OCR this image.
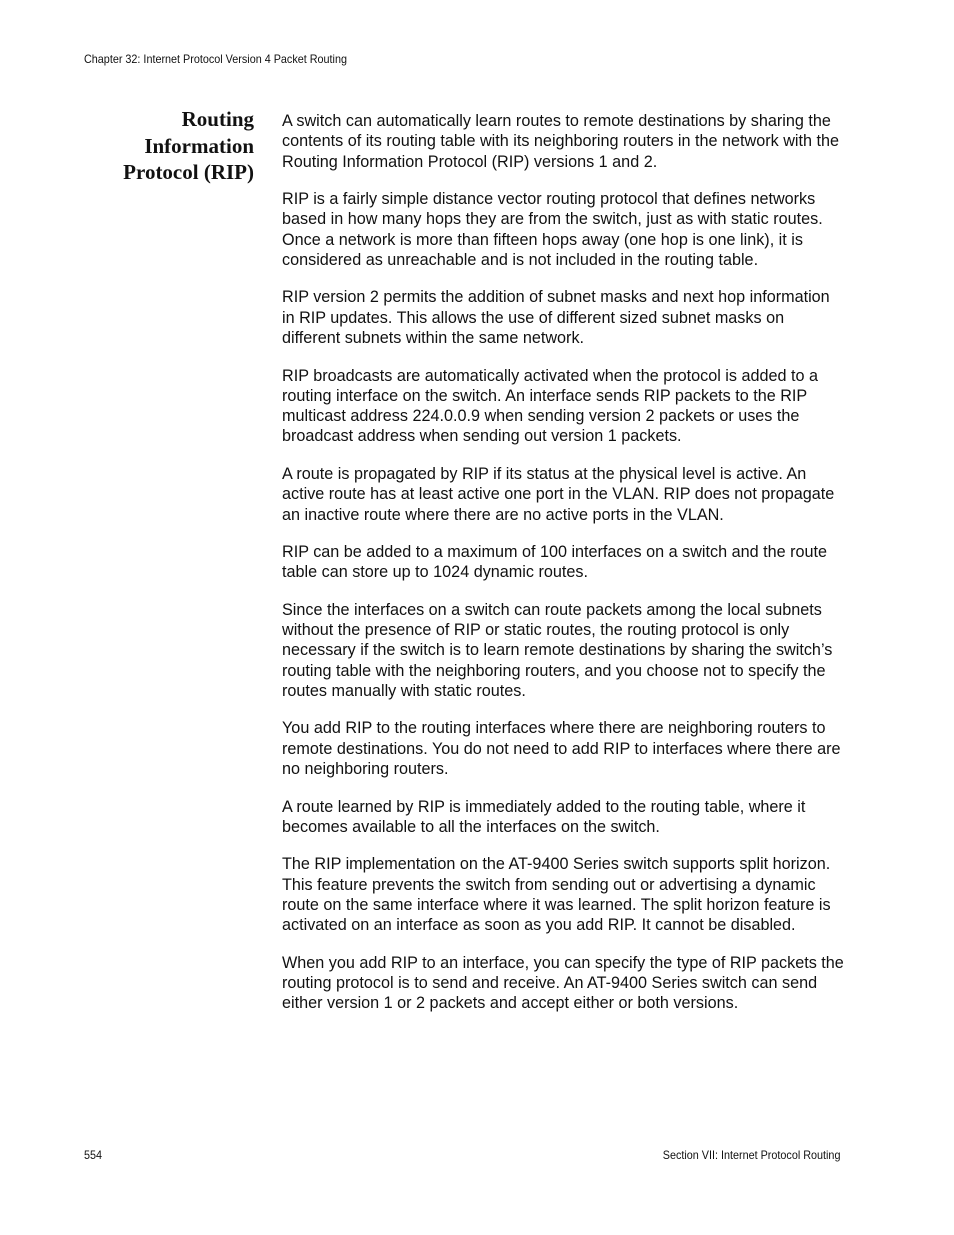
Chapter 32: Internet Protocol Version 4 Packet Routing
Routing
Information
Protocol (RIP)

A switch can automatically learn routes to remote destinations by sharing the contents of its routing table with its neighboring routers in the network with the Routing Information Protocol (RIP) versions 1 and 2.

RIP is a fairly simple distance vector routing protocol that defines networks based in how many hops they are from the switch, just as with static routes. Once a network is more than fifteen hops away (one hop is one link), it is considered as unreachable and is not included in the routing table.

RIP version 2 permits the addition of subnet masks and next hop information in RIP updates. This allows the use of different sized subnet masks on different subnets within the same network.

RIP broadcasts are automatically activated when the protocol is added to a routing interface on the switch. An interface sends RIP packets to the RIP multicast address 224.0.0.9 when sending version 2 packets or uses the broadcast address when sending out version 1 packets.

A route is propagated by RIP if its status at the physical level is active. An active route has at least active one port in the VLAN. RIP does not propagate an inactive route where there are no active ports in the VLAN.

RIP can be added to a maximum of 100 interfaces on a switch and the route table can store up to 1024 dynamic routes.

Since the interfaces on a switch can route packets among the local subnets without the presence of RIP or static routes, the routing protocol is only necessary if the switch is to learn remote destinations by sharing the switch’s routing table with the neighboring routers, and you choose not to specify the routes manually with static routes.

You add RIP to the routing interfaces where there are neighboring routers to remote destinations. You do not need to add RIP to interfaces where there are no neighboring routers.

A route learned by RIP is immediately added to the routing table, where it becomes available to all the interfaces on the switch.

The RIP implementation on the AT-9400 Series switch supports split horizon. This feature prevents the switch from sending out or advertising a dynamic route on the same interface where it was learned. The split horizon feature is activated on an interface as soon as you add RIP. It cannot be disabled.

When you add RIP to an interface, you can specify the type of RIP packets the routing protocol is to send and receive. An AT-9400 Series switch can send either version 1 or 2 packets and accept either or both versions.

554	Section VII: Internet Protocol Routing
